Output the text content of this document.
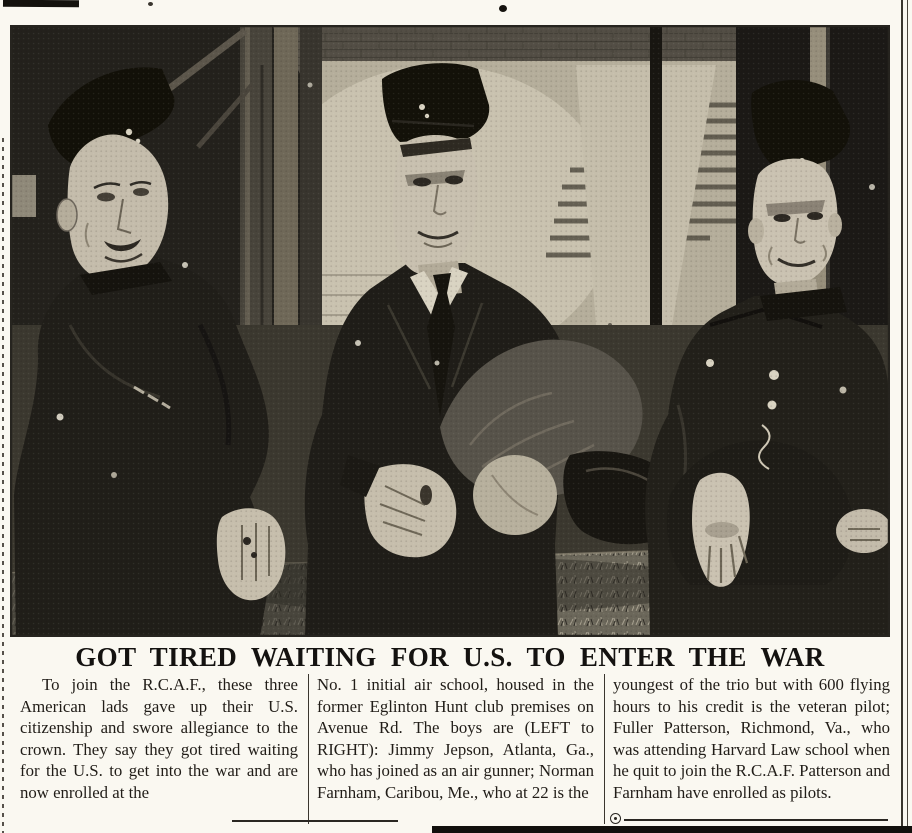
GOT TIRED WAITING FOR U.S. TO ENTER THE WAR

To join the R.C.A.F., these three American lads gave up their U.S. citizenship and swore allegiance to the crown. They say they got tired waiting for the U.S. to get into the war and are now enrolled at the

No. 1 initial air school, housed in the former Eglinton Hunt club premises on Avenue Rd. The boys are (LEFT to RIGHT): Jimmy Jepson, Atlanta, Ga., who has joined as an air gunner; Norman Farnham, Caribou, Me., who at 22 is the

youngest of the trio but with 600 flying hours to his credit is the veteran pilot; Fuller Patterson, Richmond, Va., who was attending Harvard Law school when he quit to join the R.C.A.F. Patterson and Farnham have enrolled as pilots.
